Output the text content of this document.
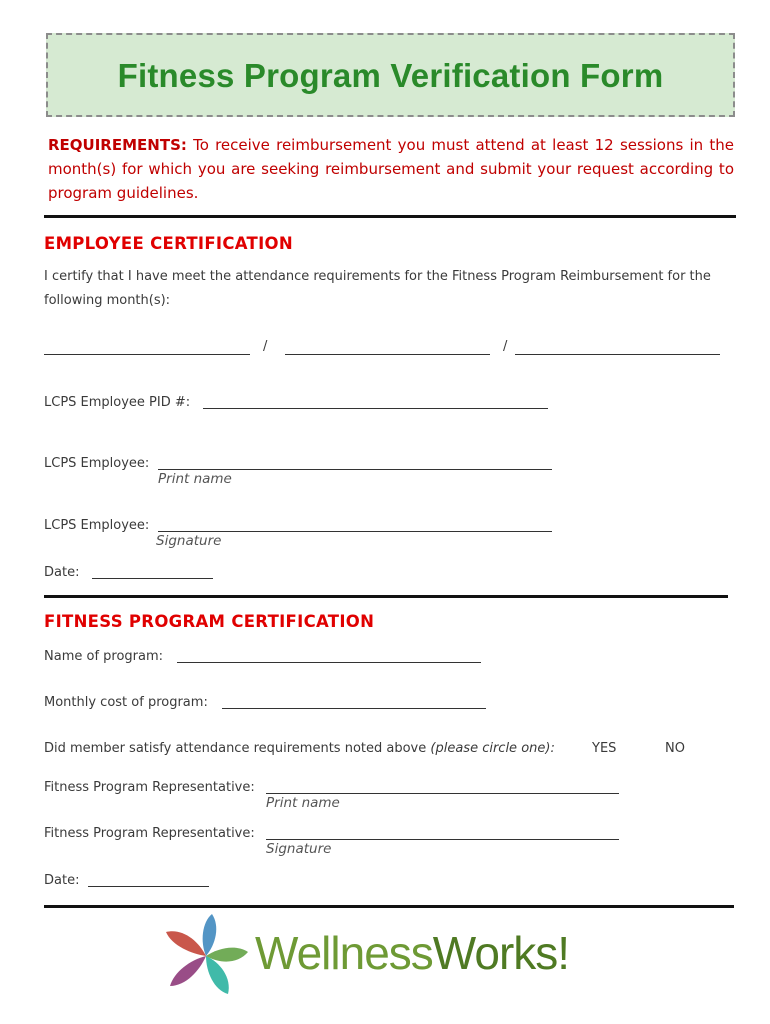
Fitness Program Verification Form
REQUIREMENTS: To receive reimbursement you must attend at least 12 sessions in the month(s) for which you are seeking reimbursement and submit your request according to program guidelines.
EMPLOYEE CERTIFICATION
I certify that I have meet the attendance requirements for the Fitness Program Reimbursement for the following month(s):
/	/
LCPS Employee PID #:
LCPS Employee:
Print name
LCPS Employee:
Signature
Date:
FITNESS PROGRAM CERTIFICATION
Name of program:
Monthly cost of program:
Did member satisfy attendance requirements noted above (please circle one):	YES	NO
Fitness Program Representative:
Print name
Fitness Program Representative:
Signature
Date:
WellnessWorks!
